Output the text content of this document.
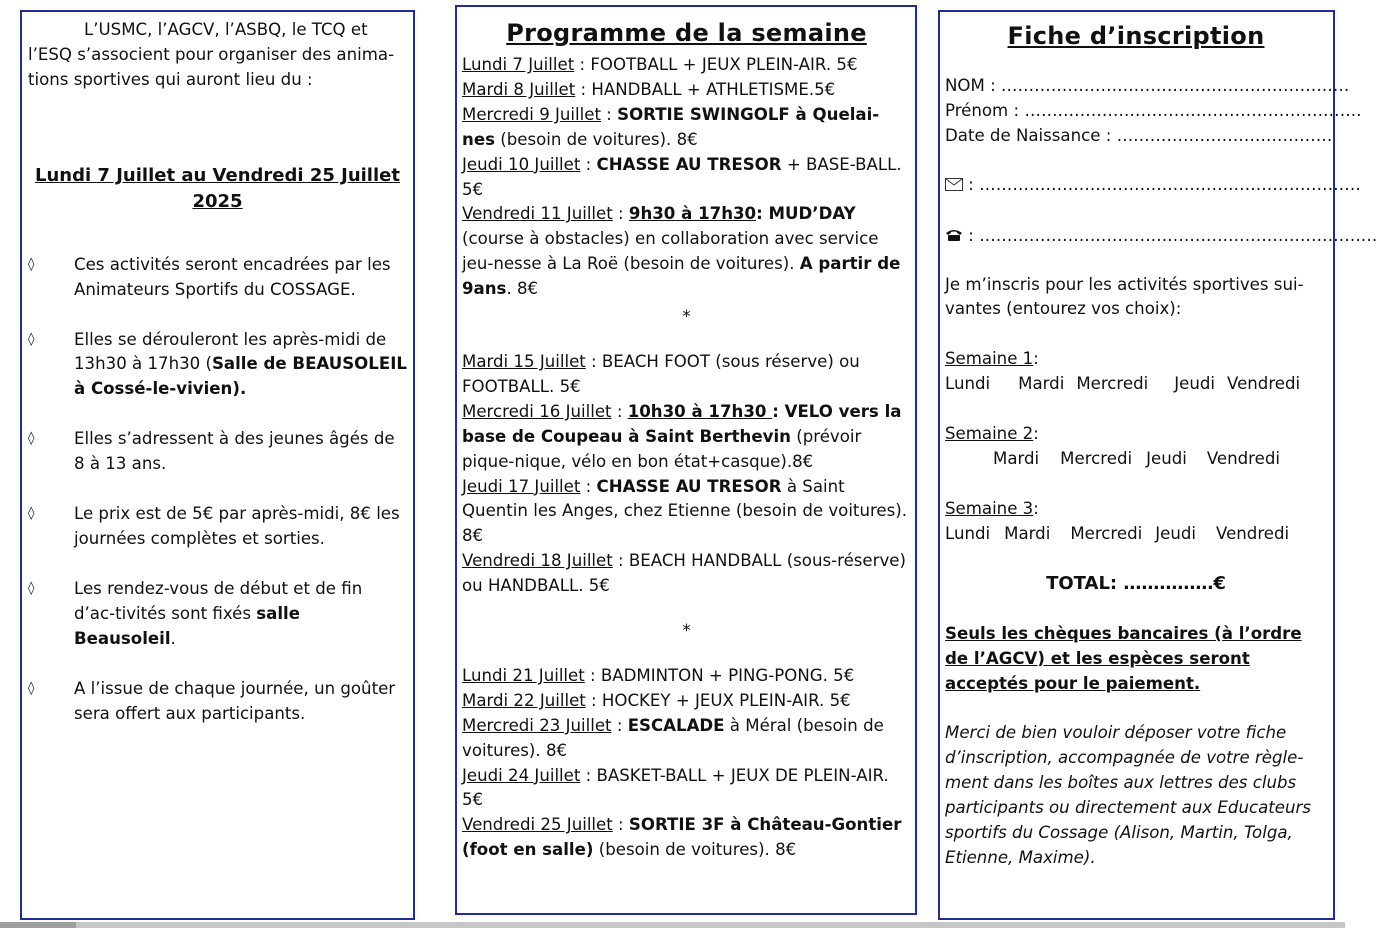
L’USMC, l’AGCV, l’ASBQ, le TCQ et l’ESQ s’associent pour organiser des anima-tions sportives qui auront lieu du :

Lundi 7 Juillet au Vendredi 25 Juillet 2025

◊ Ces activités seront encadrées par les Animateurs Sportifs du COSSAGE.
◊ Elles se dérouleront les après-midi de 13h30 à 17h30 (Salle de BEAUSOLEIL à Cossé-le-vivien).
◊ Elles s’adressent à des jeunes âgés de 8 à 13 ans.
◊ Le prix est de 5€ par après-midi, 8€ les journées complètes et sorties.
◊ Les rendez-vous de début et de fin d’ac-tivités sont fixés salle Beausoleil.
◊ A l’issue de chaque journée, un goûter sera offert aux participants.

Programme de la semaine

Lundi 7 Juillet : FOOTBALL + JEUX PLEIN-AIR. 5€

Mardi 8 Juillet : HANDBALL + ATHLETISME.5€

Mercredi 9 Juillet : SORTIE SWINGOLF à Quelai-nes (besoin de voitures). 8€

Jeudi 10 Juillet : CHASSE AU TRESOR + BASE-BALL. 5€

Vendredi 11 Juillet : 9h30 à 17h30: MUD’DAY (course à obstacles) en collaboration avec service jeu-nesse à La Roë (besoin de voitures). A partir de 9ans. 8€

*

Mardi 15 Juillet : BEACH FOOT (sous réserve) ou FOOTBALL. 5€

Mercredi 16 Juillet : 10h30 à 17h30 : VELO vers la base de Coupeau à Saint Berthevin (prévoir pique-nique, vélo en bon état+casque).8€

Jeudi 17 Juillet : CHASSE AU TRESOR à Saint Quentin les Anges, chez Etienne (besoin de voitures). 8€

Vendredi 18 Juillet : BEACH HANDBALL (sous-réserve) ou HANDBALL. 5€

*

Lundi 21 Juillet : BADMINTON + PING-PONG. 5€

Mardi 22 Juillet : HOCKEY + JEUX PLEIN-AIR. 5€

Mercredi 23 Juillet : ESCALADE à Méral (besoin de voitures). 8€

Jeudi 24 Juillet : BASKET-BALL + JEUX DE PLEIN-AIR. 5€

Vendredi 25 Juillet : SORTIE 3F à Château-Gontier (foot en salle) (besoin de voitures). 8€

Fiche d’inscription

NOM : ………………………………………………………

Prénom : …………………………………………………….

Date de Naissance : …………………………………

: ……………………………………………………………

: ………………………………………………………………

Je m’inscris pour les activités sportives sui-vantes (entourez vos choix):

Semaine 1:

Lundi Mardi Mercredi Jeudi Vendredi

Semaine 2:

Mardi Mercredi Jeudi Vendredi

Semaine 3:

Lundi Mardi Mercredi Jeudi Vendredi

TOTAL: ……………€

Seuls les chèques bancaires (à l’ordre de l’AGCV) et les espèces seront acceptés pour le paiement.

Merci de bien vouloir déposer votre fiche d’inscription, accompagnée de votre règle-ment dans les boîtes aux lettres des clubs participants ou directement aux Educateurs sportifs du Cossage (Alison, Martin, Tolga, Etienne, Maxime).
